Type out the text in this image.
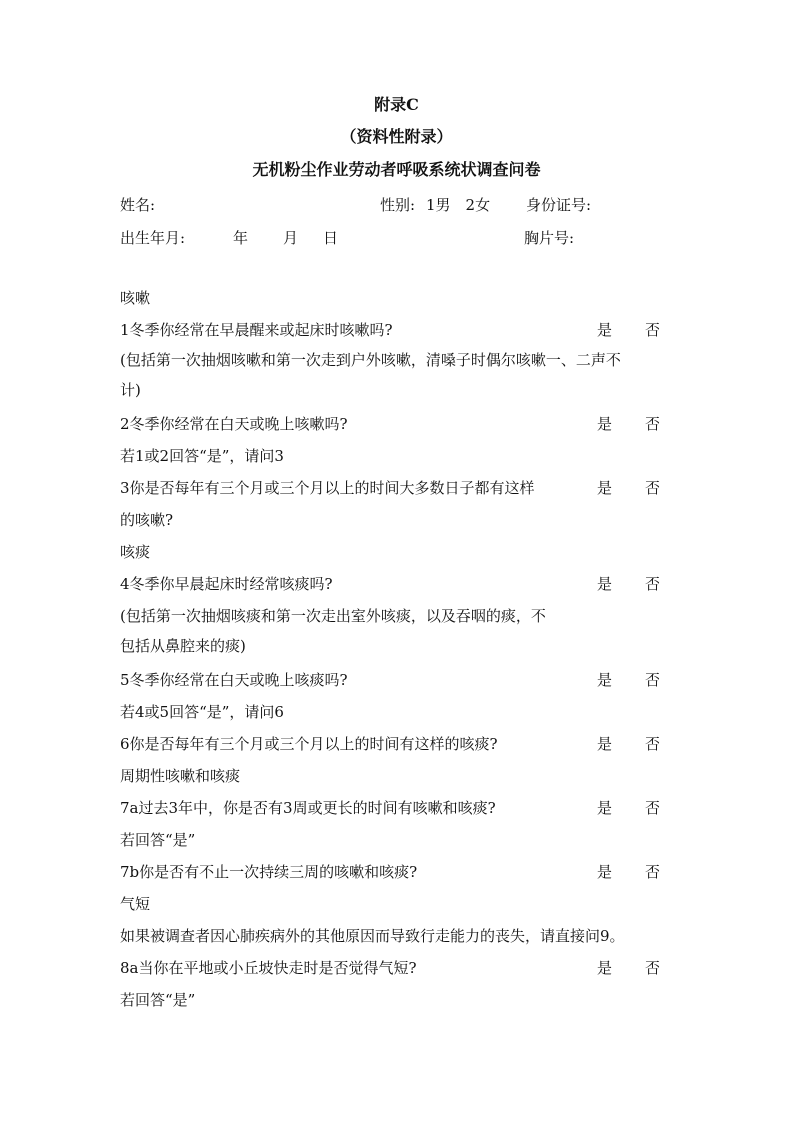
附录C
（资料性附录）
无机粉尘作业劳动者呼吸系统状调查问卷
姓名:	性别: 1男　2女 身份证号:
出生年月:	年 月 日	胸片号:
咳嗽
1冬季你经常在早晨醒来或起床时咳嗽吗?	是 否
(包括第一次抽烟咳嗽和第一次走到户外咳嗽，清嗓子时偶尔咳嗽一、二声不
计)
2冬季你经常在白天或晚上咳嗽吗?	是 否
若1或2回答“是”，请问3
3你是否每年有三个月或三个月以上的时间大多数日子都有这样	是 否
的咳嗽?
咳痰
4冬季你早晨起床时经常咳痰吗?	是 否
(包括第一次抽烟咳痰和第一次走出室外咳痰，以及吞咽的痰，不
包括从鼻腔来的痰)
5冬季你经常在白天或晚上咳痰吗?	是 否
若4或5回答“是”，请问6
6你是否每年有三个月或三个月以上的时间有这样的咳痰?	是 否
周期性咳嗽和咳痰
7a过去3年中，你是否有3周或更长的时间有咳嗽和咳痰?	是 否
若回答“是”
7b你是否有不止一次持续三周的咳嗽和咳痰?	是 否
气短
如果被调查者因心肺疾病外的其他原因而导致行走能力的丧失，请直接问9。
8a当你在平地或小丘坡快走时是否觉得气短?	是 否
若回答“是”
